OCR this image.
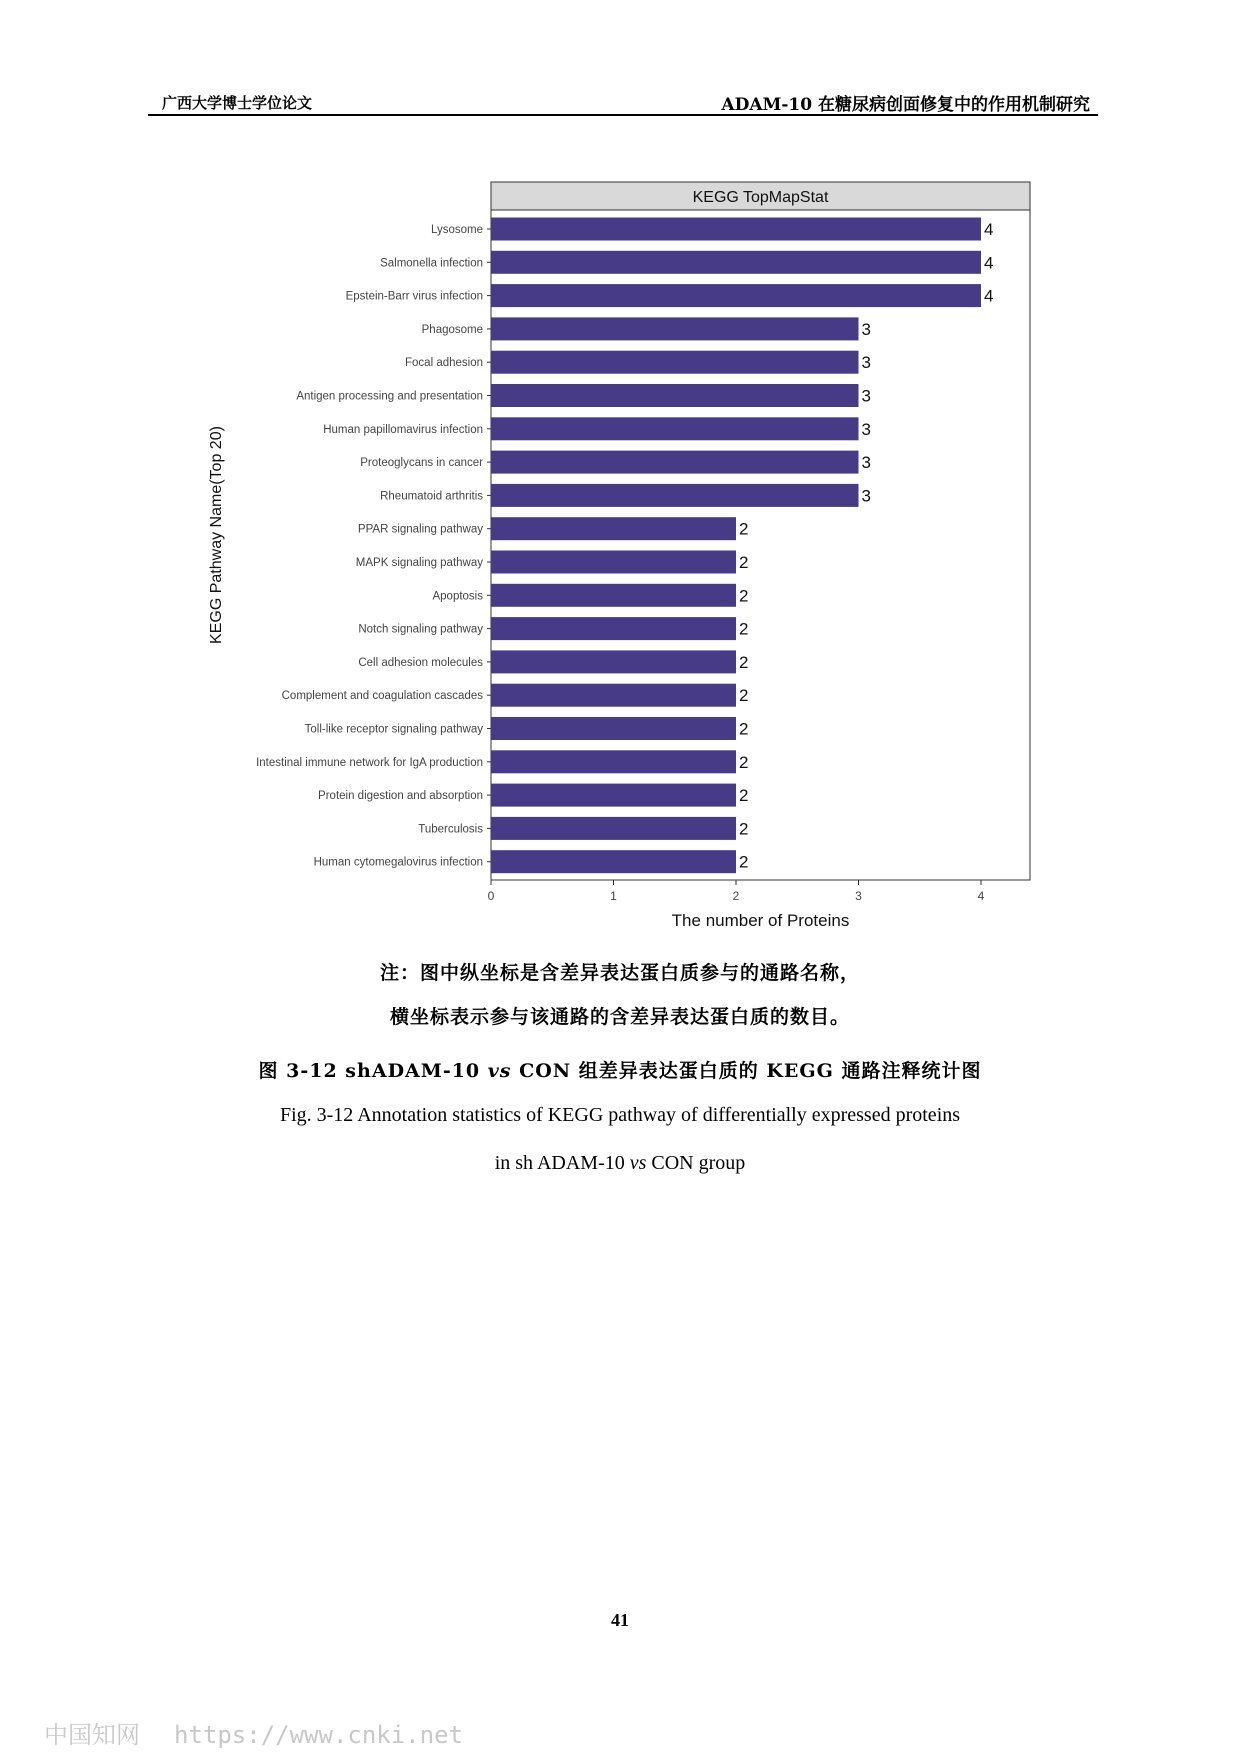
广西大学博士学位论文	ADAM-10 在糖尿病创面修复中的作用机制研究
KEGG TopMapStat
Lysosome	4
Salmonella infection	4
Epstein-Barr virus infection	4
Phagosome	3
Focal adhesion	3
Antigen processing and presentation	3
Human papillomavirus infection	3
Proteoglycans in cancer	3
Rheumatoid arthritis	3
PPAR signaling pathway	2
MAPK signaling pathway	2
Apoptosis	2
Notch signaling pathway	2
Cell adhesion molecules	2
Complement and coagulation cascades	2
Toll-like receptor signaling pathway	2
Intestinal immune network for IgA production	2
Protein digestion and absorption	2
Tuberculosis	2
Human cytomegalovirus infection	2
0	1	2	3	4
The number of Proteins
KEGG Pathway Name(Top 20)
注：图中纵坐标是含差异表达蛋白质参与的通路名称，
横坐标表示参与该通路的含差异表达蛋白质的数目。
图 3-12 shADAM-10 vs CON 组差异表达蛋白质的 KEGG 通路注释统计图
Fig. 3-12 Annotation statistics of KEGG pathway of differentially expressed proteins
in sh ADAM-10 vs CON group
41
中国知网 https://www.cnki.net
